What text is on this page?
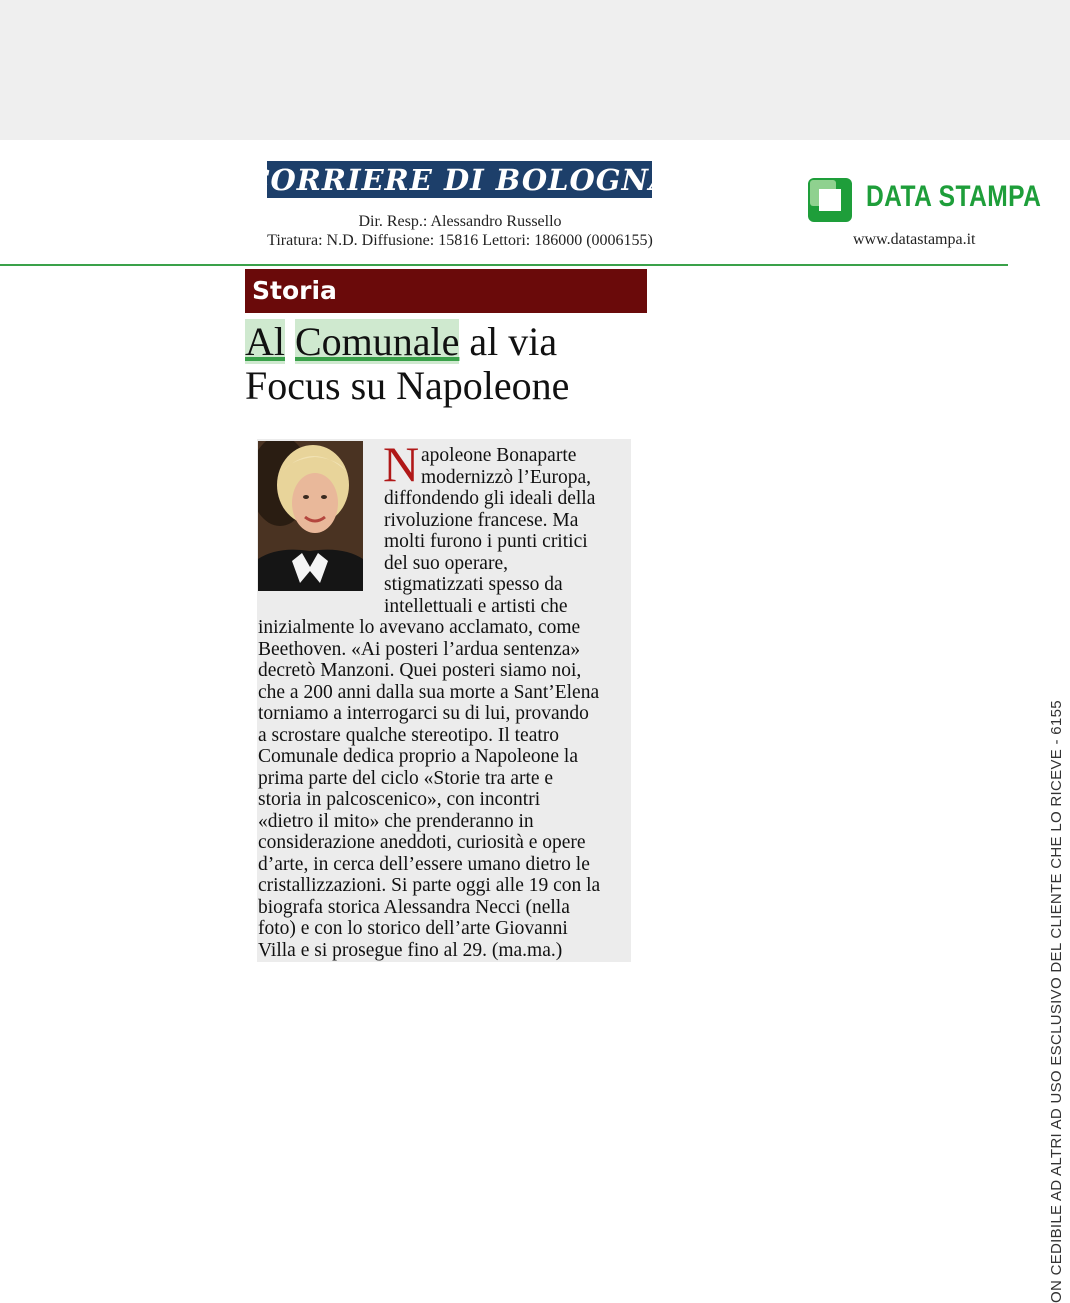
CORRIERE DI BOLOGNA
Dir. Resp.: Alessandro Russello
Tiratura: N.D. Diffusione: 15816 Lettori: 186000 (0006155)
DATA STAMPA
www.datastampa.it
Storia
Al Comunale al via
Focus su Napoleone
N apoleone Bonaparte
modernizzò l’Europa,
diffondendo gli ideali della
rivoluzione francese. Ma
molti furono i punti critici
del suo operare,
stigmatizzati spesso da
intellettuali e artisti che
inizialmente lo avevano acclamato, come
Beethoven. «Ai posteri l’ardua sentenza»
decretò Manzoni. Quei posteri siamo noi,
che a 200 anni dalla sua morte a Sant’Elena
torniamo a interrogarci su di lui, provando
a scrostare qualche stereotipo. Il teatro
Comunale dedica proprio a Napoleone la
prima parte del ciclo «Storie tra arte e
storia in palcoscenico», con incontri
«dietro il mito» che prenderanno in
considerazione aneddoti, curiosità e opere
d’arte, in cerca dell’essere umano dietro le
cristallizzazioni. Si parte oggi alle 19 con la
biografa storica Alessandra Necci (nella
foto) e con lo storico dell’arte Giovanni
Villa e si prosegue fino al 29. (ma.ma.)	ON CEDIBILE AD ALTRI AD USO ESCLUSIVO DEL CLIENTE CHE LO RICEVE - 6155
